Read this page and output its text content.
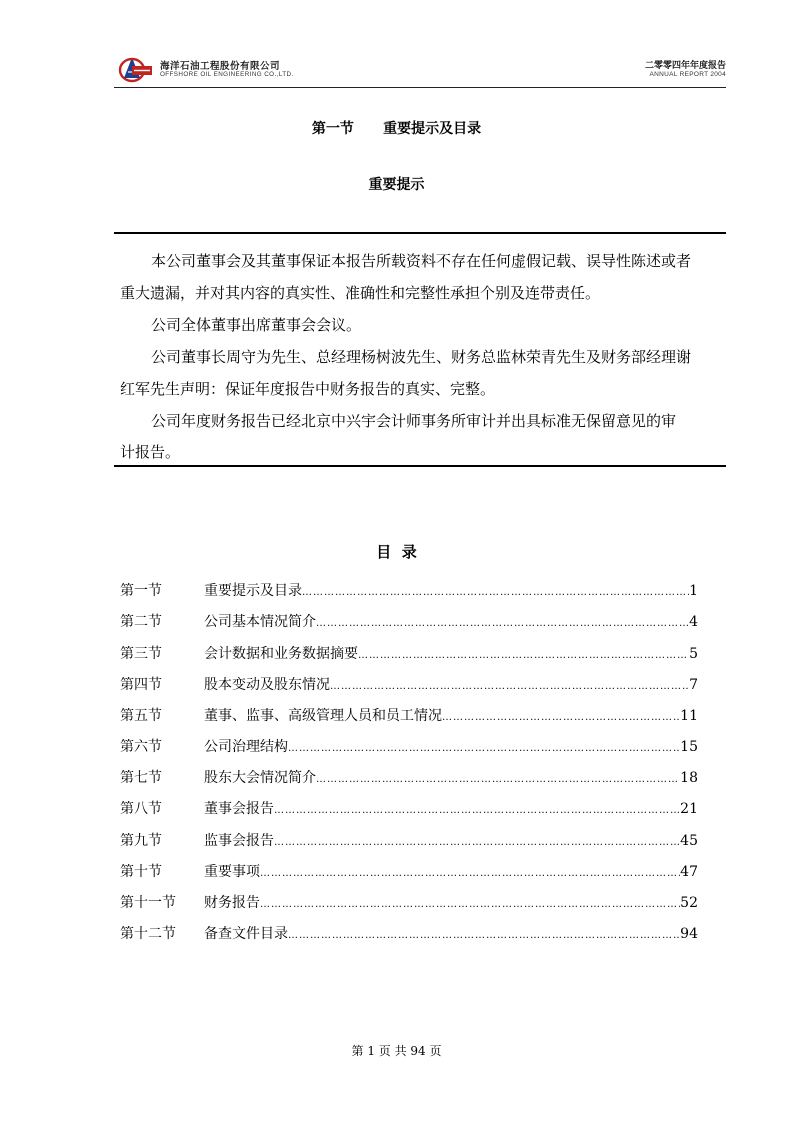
海洋石油工程股份有限公司
OFFSHORE OIL ENGINEERING CO.,LTD.
二零零四年年度报告
ANNUAL REPORT 2004
第一节      重要提示及目录
重要提示

本公司董事会及其董事保证本报告所载资料不存在任何虚假记载、误导性陈述或者

重大遗漏，并对其内容的真实性、准确性和完整性承担个别及连带责任。

公司全体董事出席董事会会议。

公司董事长周守为先生、总经理杨树波先生、财务总监林荣青先生及财务部经理谢

红军先生声明：保证年度报告中财务报告的真实、完整。

公司年度财务报告已经北京中兴宇会计师事务所审计并出具标准无保留意见的审

计报告。

目  录
第一节	重要提示及目录 ……………………………………………………………………………………………………………………………………………………………………	1
第二节	公司基本情况简介 ……………………………………………………………………………………………………………………………………………………………………	4
第三节	会计数据和业务数据摘要 ……………………………………………………………………………………………………………………………………………………………………	5
第四节	股本变动及股东情况 ……………………………………………………………………………………………………………………………………………………………………	7
第五节	董事、监事、高级管理人员和员工情况 ……………………………………………………………………………………………………………………………………………………………………	11
第六节	公司治理结构 ……………………………………………………………………………………………………………………………………………………………………	15
第七节	股东大会情况简介 ……………………………………………………………………………………………………………………………………………………………………	18
第八节	董事会报告 ……………………………………………………………………………………………………………………………………………………………………	21
第九节	监事会报告 ……………………………………………………………………………………………………………………………………………………………………	45
第十节	重要事项 ……………………………………………………………………………………………………………………………………………………………………	47
第十一节	财务报告 ……………………………………………………………………………………………………………………………………………………………………	52
第十二节	备查文件目录 ……………………………………………………………………………………………………………………………………………………………………	94
第 1 页 共 94 页
